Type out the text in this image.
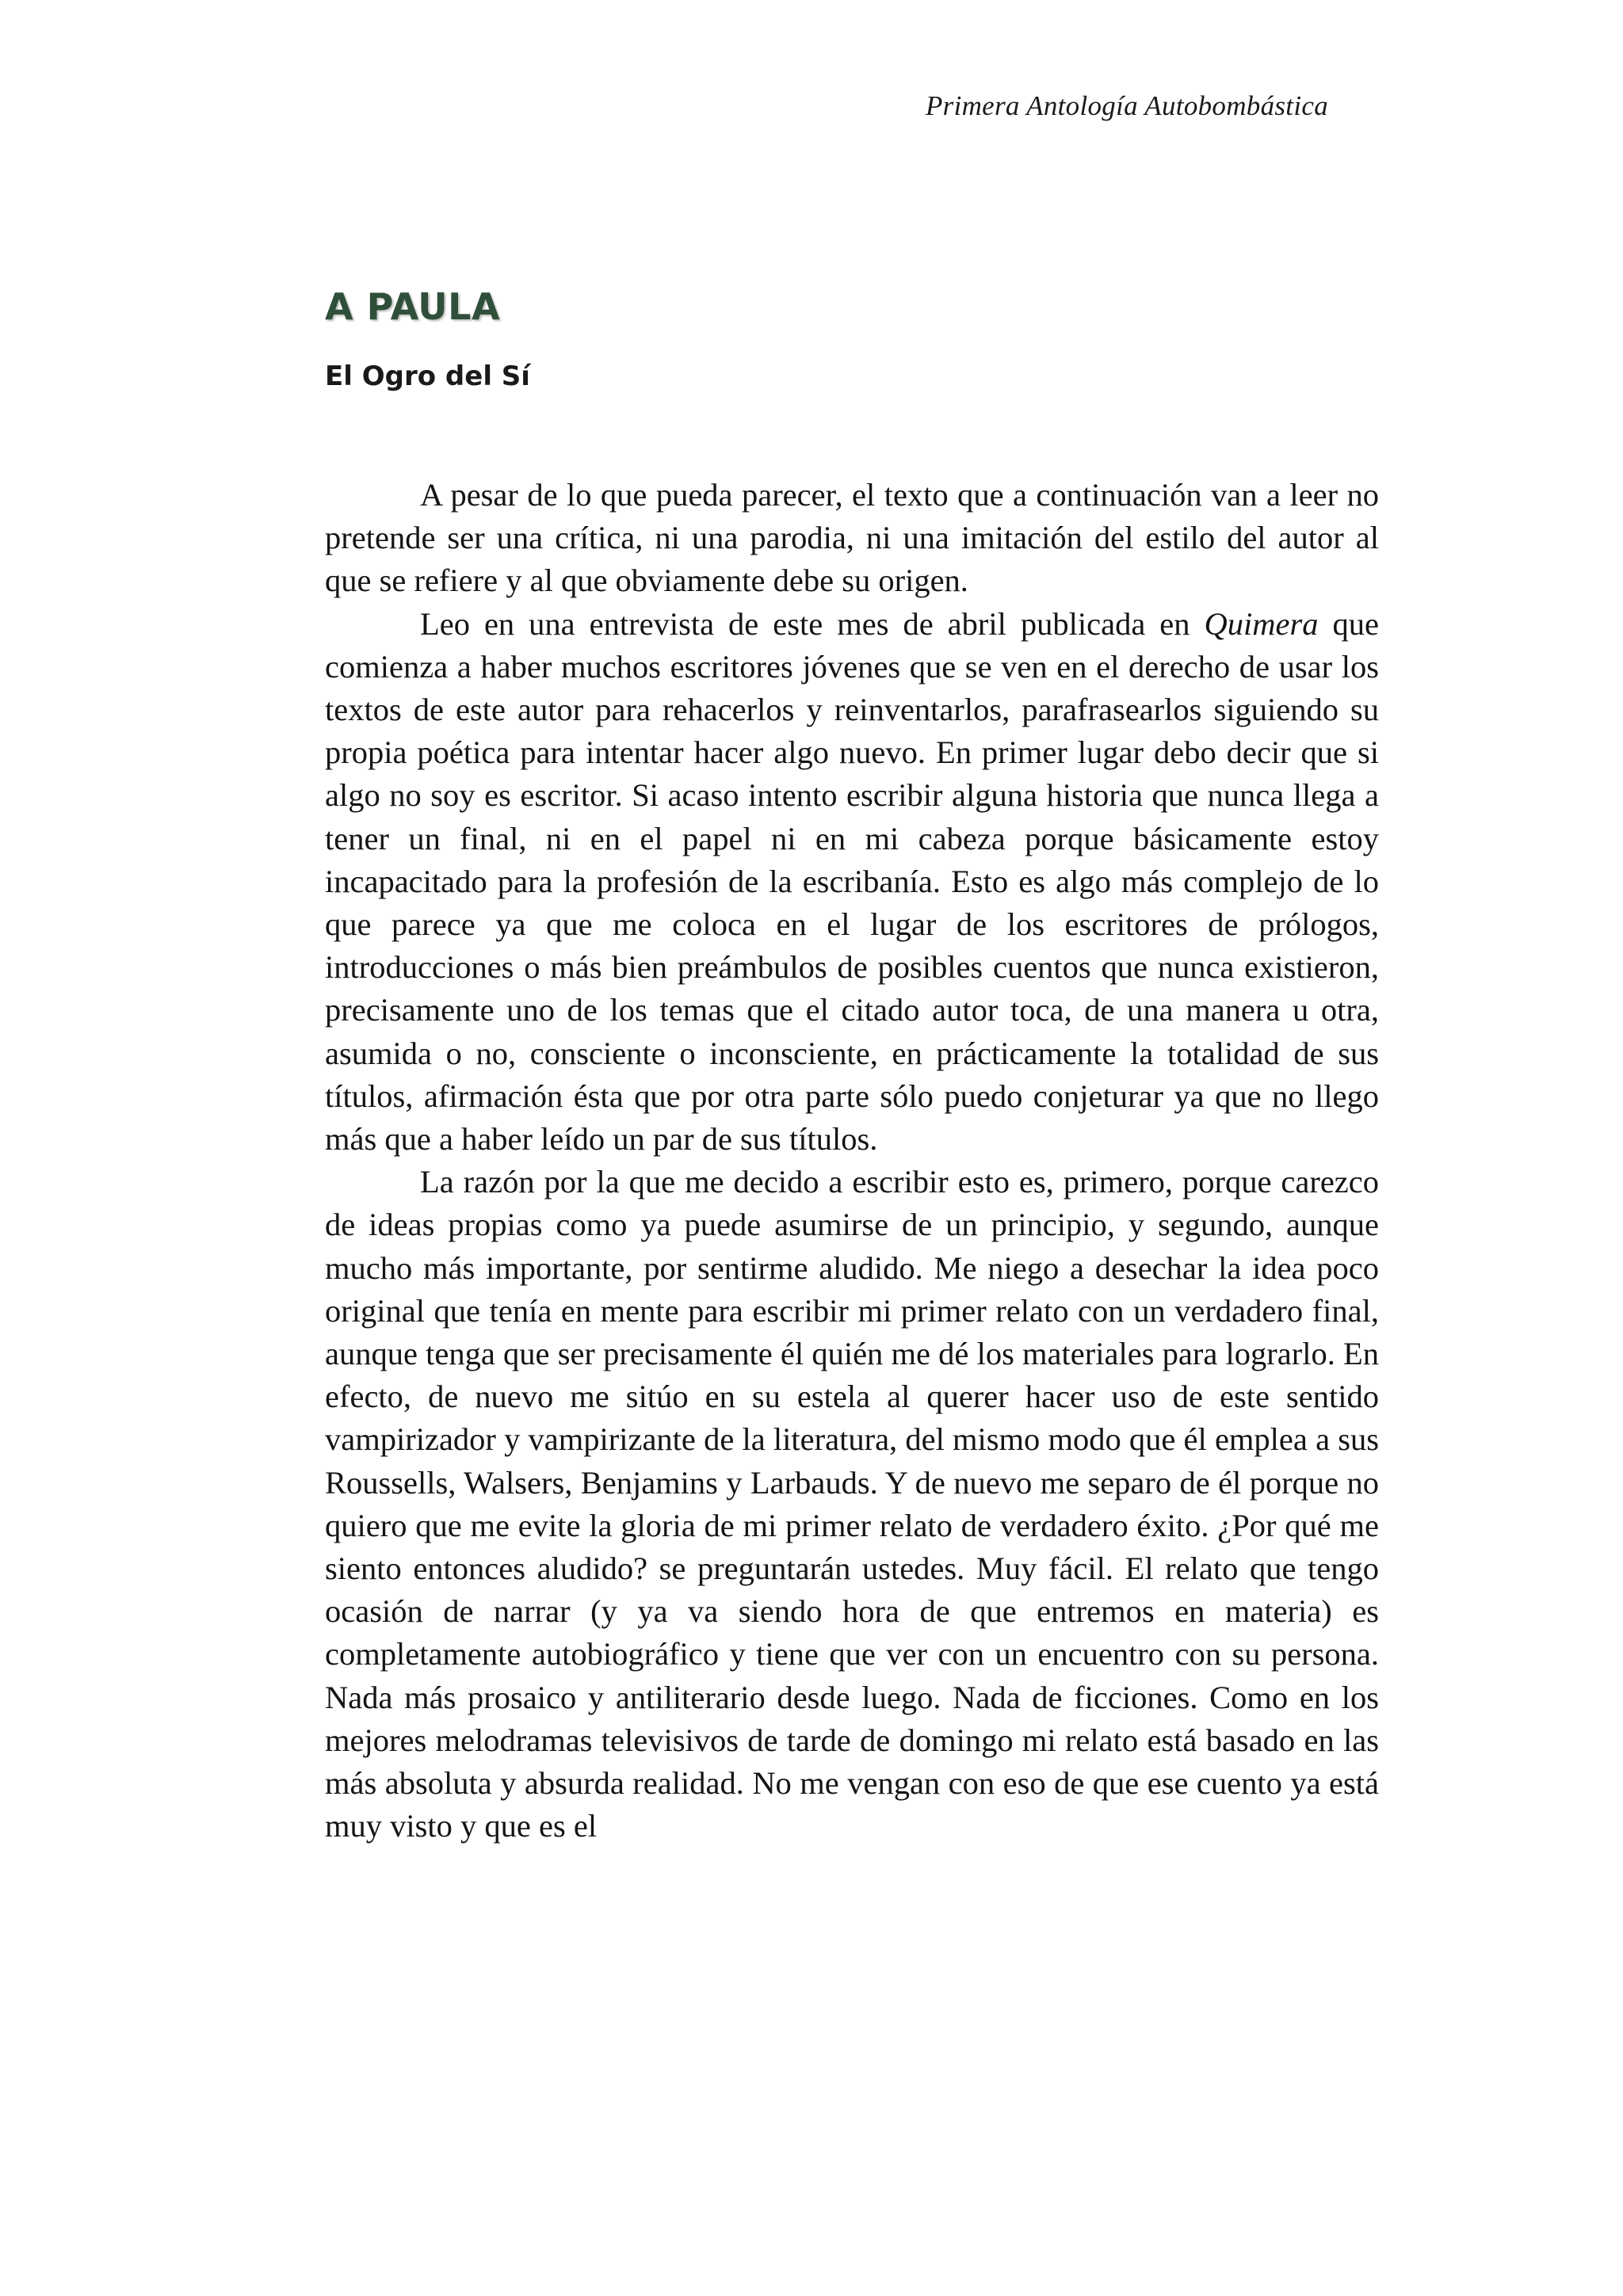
Primera Antología Autobombástica
A PAULA
El Ogro del Sí

A pesar de lo que pueda parecer, el texto que a continuación van a leer no pretende ser una crítica, ni una parodia, ni una imitación del estilo del autor al que se refiere y al que obviamente debe su origen.

Leo en una entrevista de este mes de abril publicada en Quimera que comienza a haber muchos escritores jóvenes que se ven en el derecho de usar los textos de este autor para rehacerlos y reinventarlos, parafrasearlos siguiendo su propia poética para intentar hacer algo nuevo. En primer lugar debo decir que si algo no soy es escritor. Si acaso intento escribir alguna historia que nunca llega a tener un final, ni en el papel ni en mi cabeza porque básicamente estoy incapacitado para la profesión de la escribanía. Esto es algo más complejo de lo que parece ya que me coloca en el lugar de los escritores de prólogos, introducciones o más bien preámbulos de posibles cuentos que nunca existieron, precisamente uno de los temas que el citado autor toca, de una manera u otra, asumida o no, consciente o inconsciente, en prácticamente la totalidad de sus títulos, afirmación ésta que por otra parte sólo puedo conjeturar ya que no llego más que a haber leído un par de sus títulos.

La razón por la que me decido a escribir esto es, primero, porque carezco de ideas propias como ya puede asumirse de un principio, y segundo, aunque mucho más importante, por sentirme aludido. Me niego a desechar la idea poco original que tenía en mente para escribir mi primer relato con un verdadero final, aunque tenga que ser precisamente él quién me dé los materiales para lograrlo. En efecto, de nuevo me sitúo en su estela al querer hacer uso de este sentido vampirizador y vampirizante de la literatura, del mismo modo que él emplea a sus Roussells, Walsers, Benjamins y Larbauds. Y de nuevo me separo de él porque no quiero que me evite la gloria de mi primer relato de verdadero éxito. ¿Por qué me siento entonces aludido? se preguntarán ustedes. Muy fácil. El relato que tengo ocasión de narrar (y ya va siendo hora de que entremos en materia) es completamente autobiográfico y tiene que ver con un encuentro con su persona. Nada más prosaico y antiliterario desde luego. Nada de ficciones. Como en los mejores melodramas televisivos de tarde de domingo mi relato está basado en las más absoluta y absurda realidad. No me vengan con eso de que ese cuento ya está muy visto y que es el
